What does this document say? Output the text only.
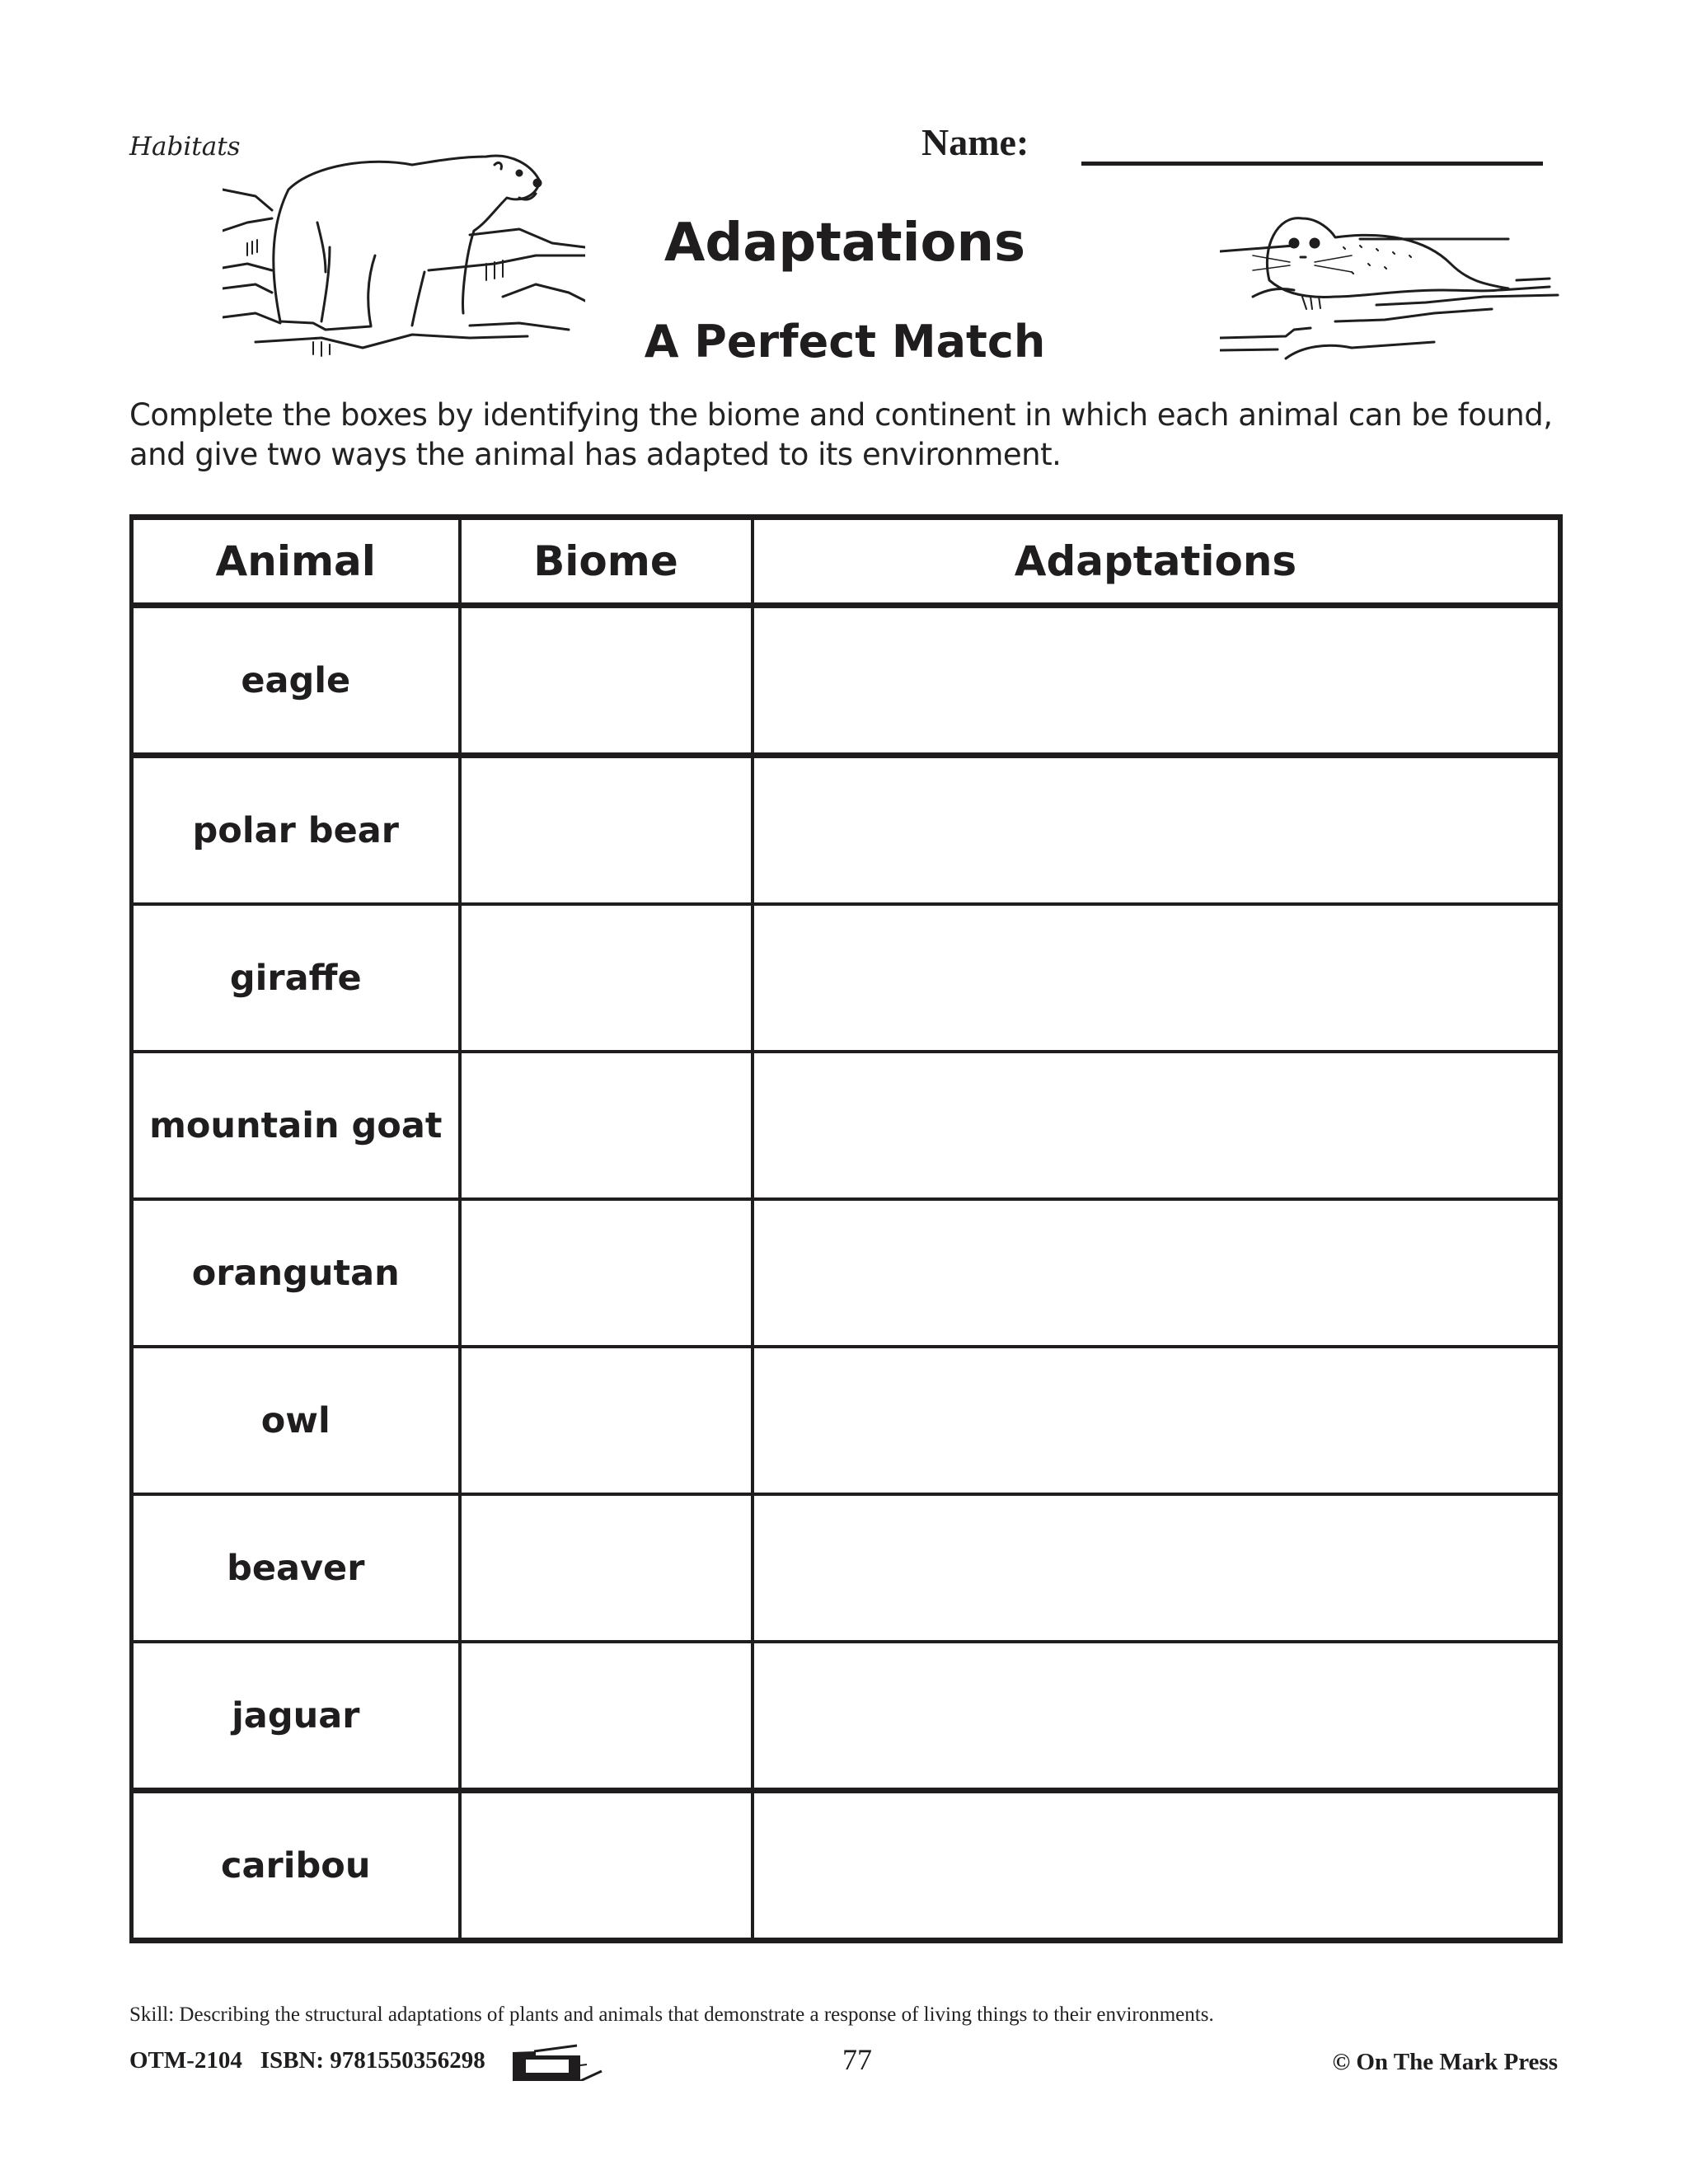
Habitats	Name:
Adaptations
A Perfect Match
Complete the boxes by identifying the biome and continent in which each animal can be found, and give two ways the animal has adapted to its environment.
Animal	Biome	Adaptations
eagle		
polar bear		
giraffe		
mountain goat		
orangutan		
owl		
beaver		
jaguar		
caribou		
Skill: Describing the structural adaptations of plants and animals that demonstrate a response of living things to their environments.
OTM-2104 ISBN: 9781550356298	77	© On The Mark Press
